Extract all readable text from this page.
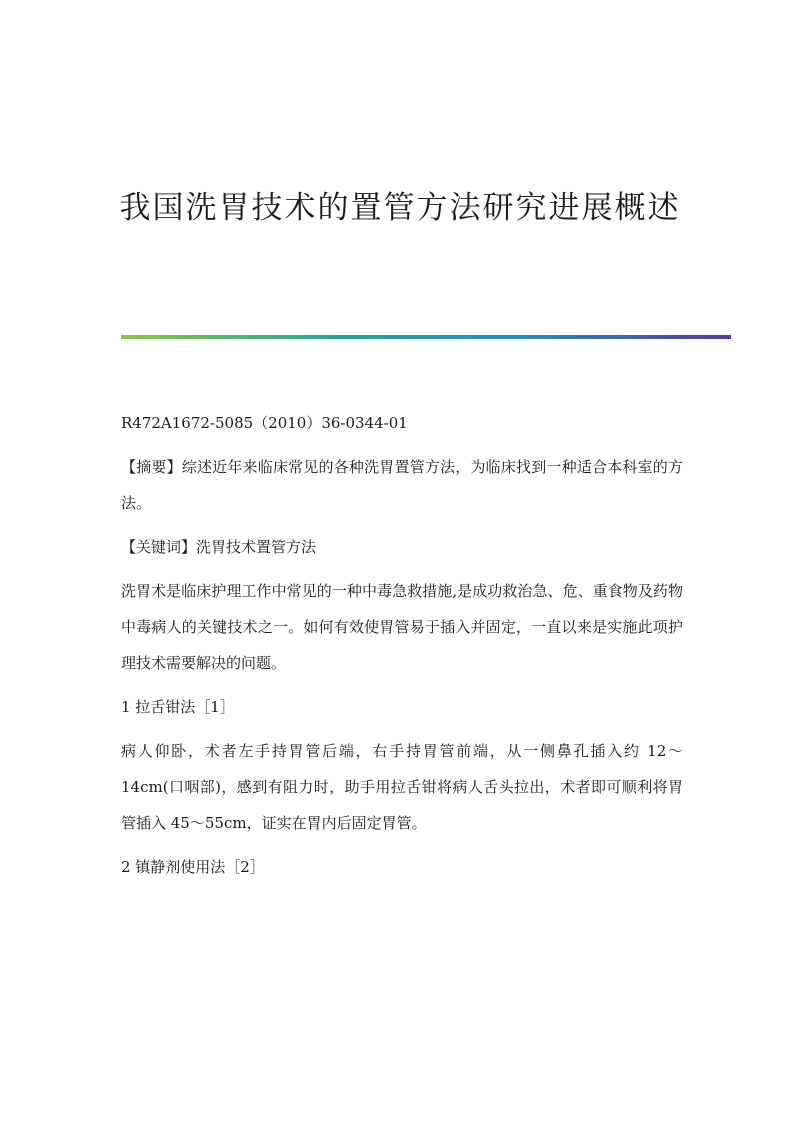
我国洗胃技术的置管方法研究进展概述

R472A1672-5085（2010）36-0344-01

【摘要】综述近年来临床常见的各种洗胃置管方法，为临床找到一种适合本科室的方法。

【关键词】洗胃技术置管方法

洗胃术是临床护理工作中常见的一种中毒急救措施,是成功救治急、危、重食物及药物中毒病人的关键技术之一。如何有效使胃管易于插入并固定，一直以来是实施此项护理技术需要解决的问题。

1 拉舌钳法［1］

病人仰卧，术者左手持胃管后端，右手持胃管前端，从一侧鼻孔插入约 12～14cm(口咽部)，感到有阻力时，助手用拉舌钳将病人舌头拉出，术者即可顺利将胃管插入 45～55cm，证实在胃内后固定胃管。

2 镇静剂使用法［2］
